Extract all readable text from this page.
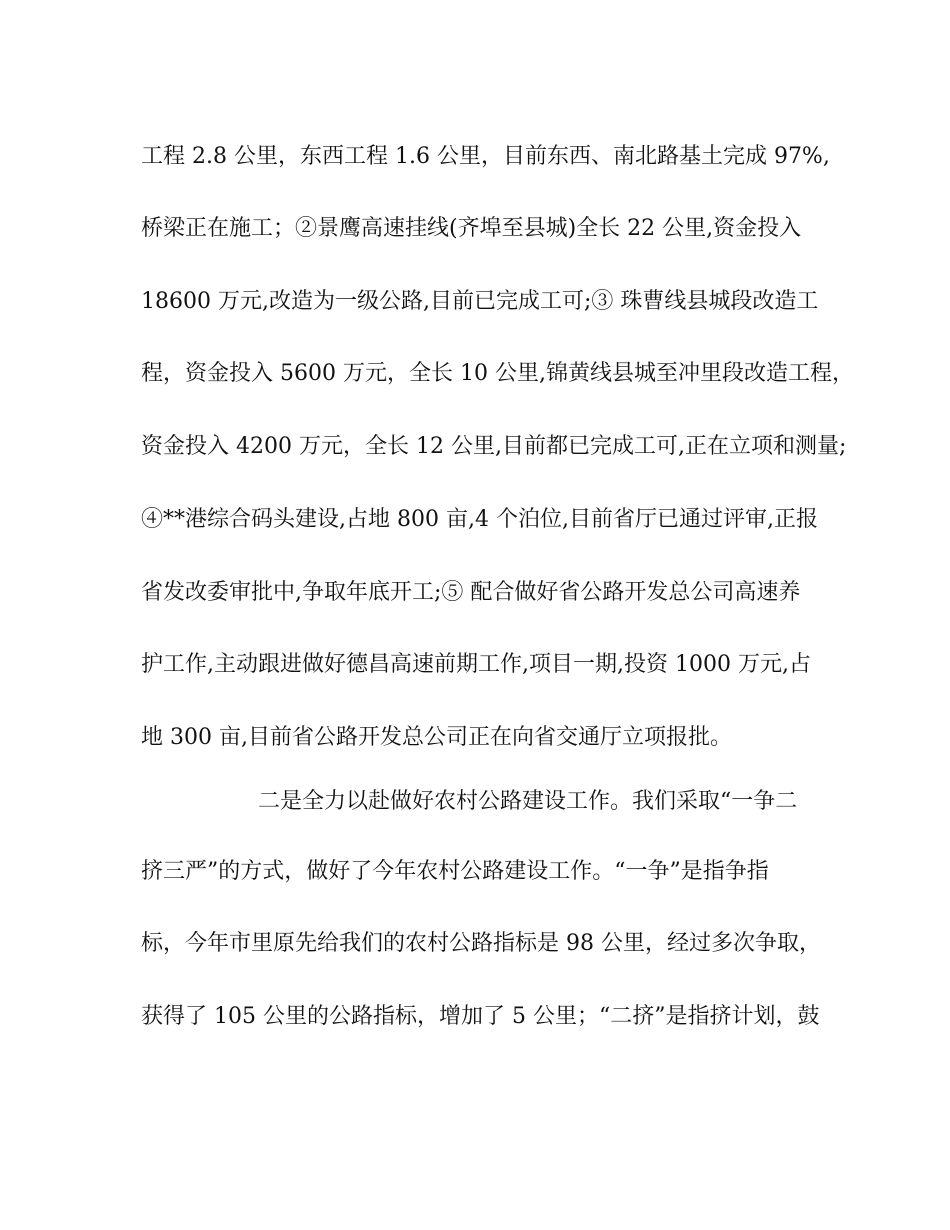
工程 2.8 公里，东西工程 1.6 公里，目前东西、南北路基土完成 97%,
桥梁正在施工；②景鹰高速挂线(齐埠至县城)全长 22 公里,资金投入
18600 万元,改造为一级公路,目前已完成工可;③ 珠曹线县城段改造工
程，资金投入 5600 万元，全长 10 公里,锦黄线县城至冲里段改造工程，
资金投入 4200 万元，全长 12 公里,目前都已完成工可,正在立项和测量;
④**港综合码头建设,占地 800 亩,4 个泊位,目前省厅已通过评审,正报
省发改委审批中,争取年底开工;⑤ 配合做好省公路开发总公司高速养
护工作,主动跟进做好德昌高速前期工作,项目一期,投资 1000 万元,占
地 300 亩,目前省公路开发总公司正在向省交通厅立项报批。
二是全力以赴做好农村公路建设工作。我们采取“一争二
挤三严”的方式，做好了今年农村公路建设工作。“一争”是指争指
标，今年市里原先给我们的农村公路指标是 98 公里，经过多次争取，
获得了 105 公里的公路指标，增加了 5 公里；“二挤”是指挤计划，鼓
